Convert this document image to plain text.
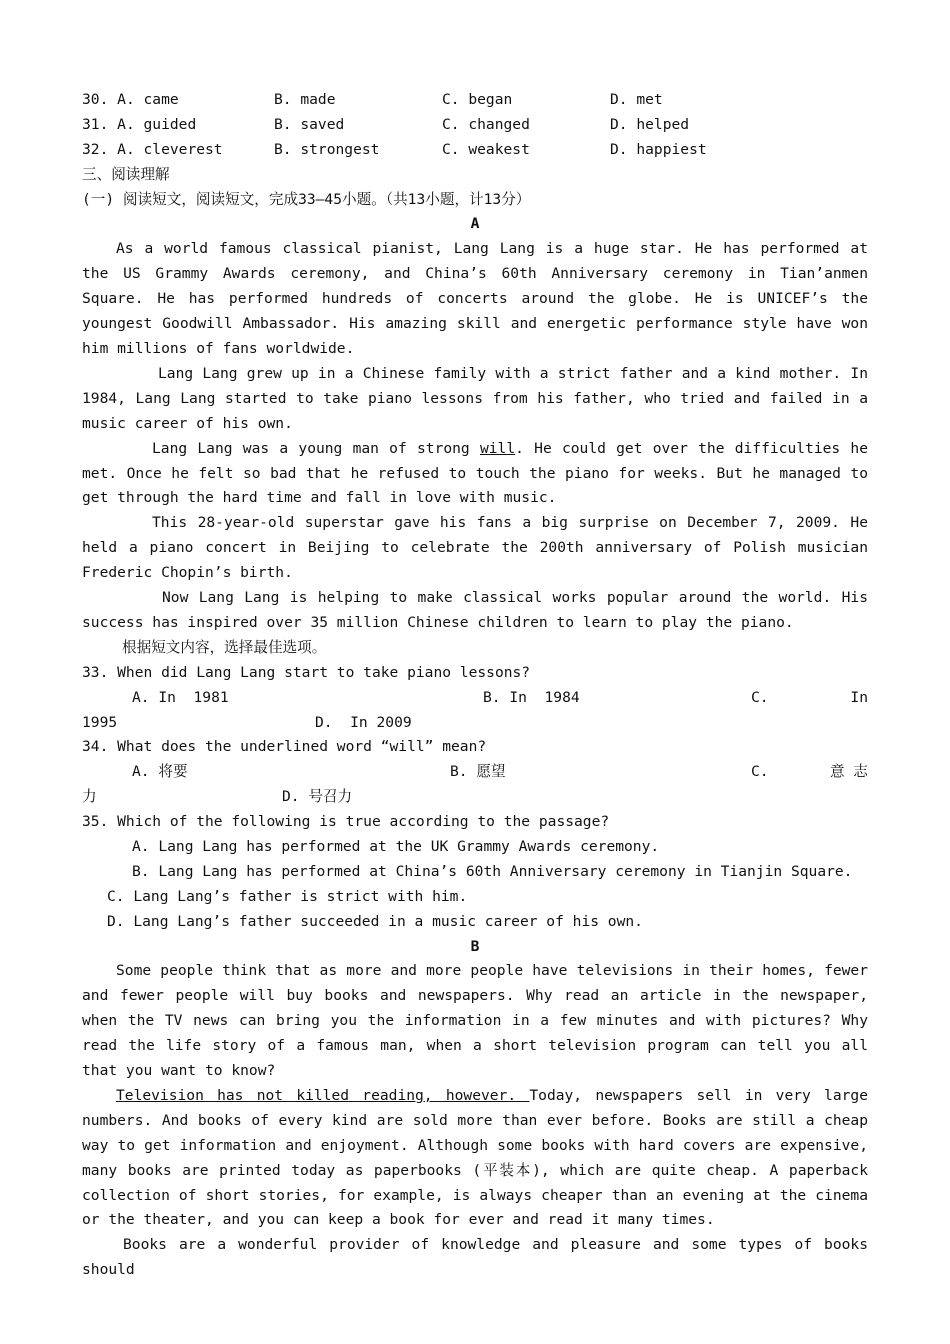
30. A. came	B. made	C. began	D. met
31. A. guided	B. saved	C. changed	D. helped
32. A. cleverest	B. strongest	C. weakest	D. happiest
三、阅读理解
(一) 阅读短文，阅读短文，完成33—45小题。（共13小题，计13分）
A
As a world famous classical pianist, Lang Lang is a huge star. He has performed at the US Grammy Awards ceremony, and China’s 60th Anniversary ceremony in Tian’anmen Square. He has performed hundreds of concerts around the globe. He is UNICEF’s the youngest Goodwill Ambassador. His amazing skill and energetic performance style have won him millions of fans worldwide.
Lang Lang grew up in a Chinese family with a strict father and a kind mother. In 1984, Lang Lang started to take piano lessons from his father, who tried and failed in a music career of his own.
Lang Lang was a young man of strong will. He could get over the difficulties he met. Once he felt so bad that he refused to touch the piano for weeks. But he managed to get through the hard time and fall in love with music.
This 28-year-old superstar gave his fans a big surprise on December 7, 2009. He held a piano concert in Beijing to celebrate the 200th anniversary of Polish musician Frederic Chopin’s birth.
Now Lang Lang is helping to make classical works popular around the world. His success has inspired over 35 million Chinese children to learn to play the piano.
根据短文内容，选择最佳选项。
33. When did Lang Lang start to take piano lessons?
A. In  1981	B. In  1984	C.	In
1995	D.  In 2009
34. What does the underlined word “will” mean?
A. 将要	B. 愿望	C.	意 志
力	D. 号召力
35. Which of the following is true according to the passage?
A. Lang Lang has performed at the UK Grammy Awards ceremony.
B. Lang Lang has performed at China’s 60th Anniversary ceremony in Tianjin Square.
C. Lang Lang’s father is strict with him.
D. Lang Lang’s father succeeded in a music career of his own.
B
Some people think that as more and more people have televisions in their homes, fewer and fewer people will buy books and newspapers. Why read an article in the newspaper, when the TV news can bring you the information in a few minutes and with pictures? Why read the life story of a famous man, when a short television program can tell you all that you want to know?
Television has not killed reading, however. Today, newspapers sell in very large numbers. And books of every kind are sold more than ever before. Books are still a cheap way to get information and enjoyment. Although some books with hard covers are expensive, many books are printed today as paperbooks (平装本), which are quite cheap. A paperback collection of short stories, for example, is always cheaper than an evening at the cinema or the theater, and you can keep a book for ever and read it many times.
Books are a wonderful provider of knowledge and pleasure and some types of books should
